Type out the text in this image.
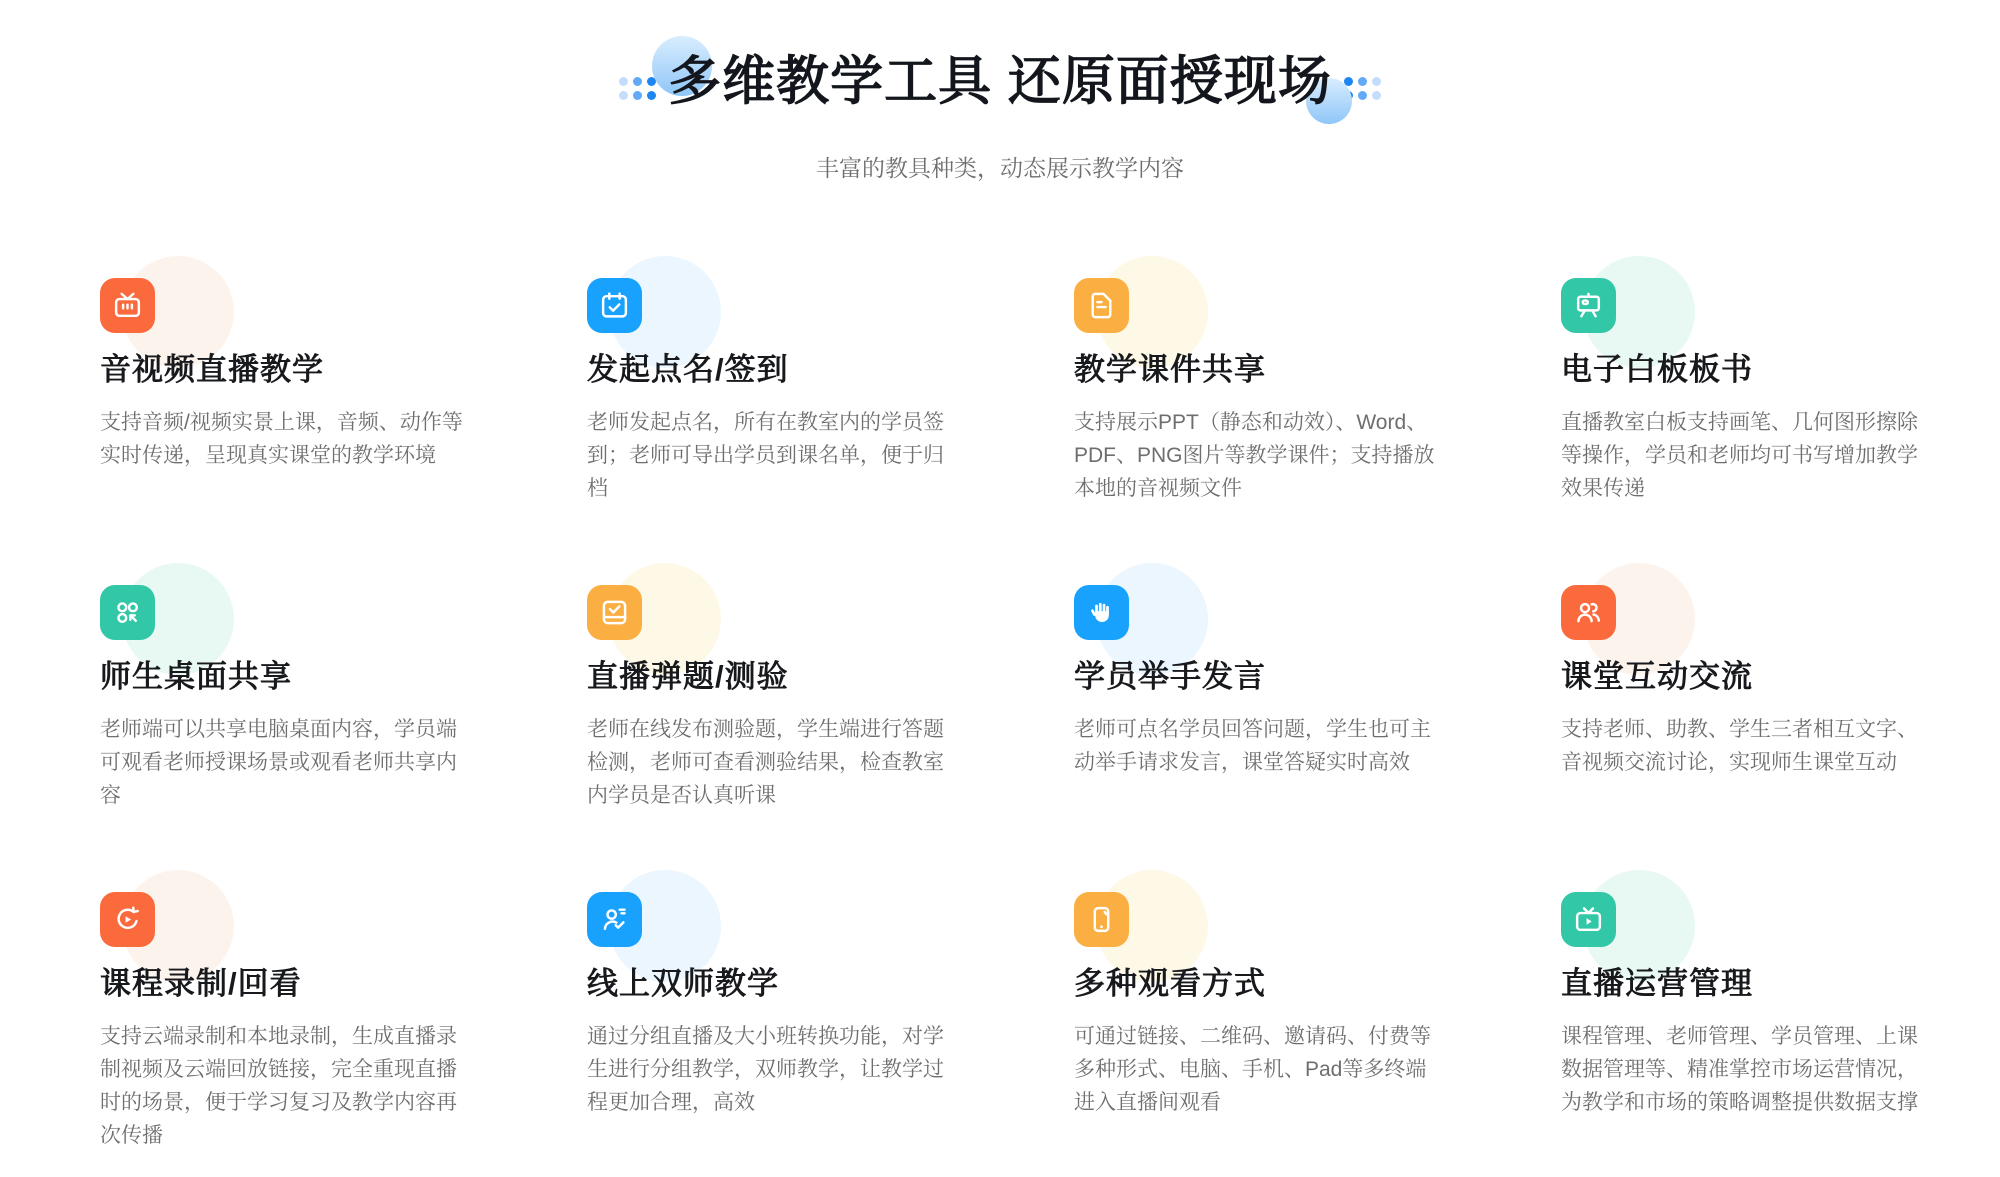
多维教学工具 还原面授现场
丰富的教具种类，动态展示教学内容
音视频直播教学

支持音频/视频实景上课，音频、动作等实时传递，呈现真实课堂的教学环境

发起点名/签到

老师发起点名，所有在教室内的学员签到；老师可导出学员到课名单，便于归档

教学课件共享

支持展示PPT（静态和动效）、Word、PDF、PNG图片等教学课件；支持播放本地的音视频文件

电子白板板书

直播教室白板支持画笔、几何图形擦除等操作，学员和老师均可书写增加教学效果传递

师生桌面共享

老师端可以共享电脑桌面内容，学员端可观看老师授课场景或观看老师共享内容

直播弹题/测验

老师在线发布测验题，学生端进行答题检测，老师可查看测验结果，检查教室内学员是否认真听课

学员举手发言

老师可点名学员回答问题，学生也可主动举手请求发言，课堂答疑实时高效

课堂互动交流

支持老师、助教、学生三者相互文字、音视频交流讨论，实现师生课堂互动

课程录制/回看

支持云端录制和本地录制，生成直播录制视频及云端回放链接，完全重现直播时的场景，便于学习复习及教学内容再次传播

线上双师教学

通过分组直播及大小班转换功能，对学生进行分组教学，双师教学，让教学过程更加合理，高效

多种观看方式

可通过链接、二维码、邀请码、付费等多种形式、电脑、手机、Pad等多终端进入直播间观看

直播运营管理

课程管理、老师管理、学员管理、上课数据管理等、精准掌控市场运营情况，为教学和市场的策略调整提供数据支撑
